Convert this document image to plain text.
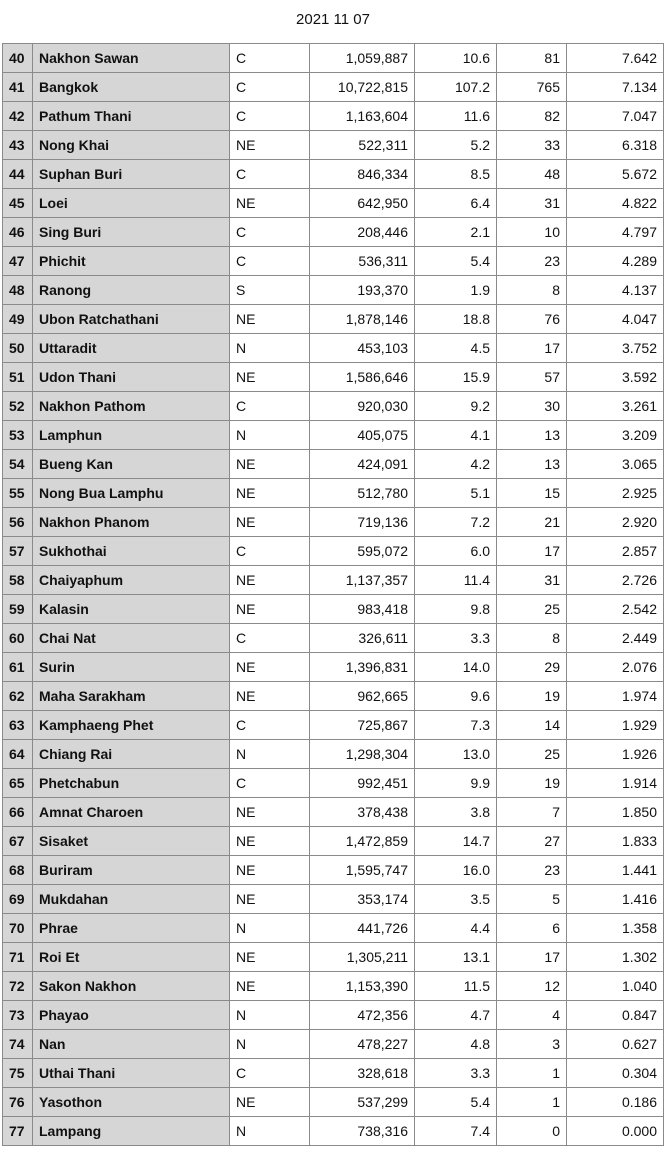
2021 11 07
40	Nakhon Sawan	C	1,059,887	10.6	81	7.642
41	Bangkok	C	10,722,815	107.2	765	7.134
42	Pathum Thani	C	1,163,604	11.6	82	7.047
43	Nong Khai	NE	522,311	5.2	33	6.318
44	Suphan Buri	C	846,334	8.5	48	5.672
45	Loei	NE	642,950	6.4	31	4.822
46	Sing Buri	C	208,446	2.1	10	4.797
47	Phichit	C	536,311	5.4	23	4.289
48	Ranong	S	193,370	1.9	8	4.137
49	Ubon Ratchathani	NE	1,878,146	18.8	76	4.047
50	Uttaradit	N	453,103	4.5	17	3.752
51	Udon Thani	NE	1,586,646	15.9	57	3.592
52	Nakhon Pathom	C	920,030	9.2	30	3.261
53	Lamphun	N	405,075	4.1	13	3.209
54	Bueng Kan	NE	424,091	4.2	13	3.065
55	Nong Bua Lamphu	NE	512,780	5.1	15	2.925
56	Nakhon Phanom	NE	719,136	7.2	21	2.920
57	Sukhothai	C	595,072	6.0	17	2.857
58	Chaiyaphum	NE	1,137,357	11.4	31	2.726
59	Kalasin	NE	983,418	9.8	25	2.542
60	Chai Nat	C	326,611	3.3	8	2.449
61	Surin	NE	1,396,831	14.0	29	2.076
62	Maha Sarakham	NE	962,665	9.6	19	1.974
63	Kamphaeng Phet	C	725,867	7.3	14	1.929
64	Chiang Rai	N	1,298,304	13.0	25	1.926
65	Phetchabun	C	992,451	9.9	19	1.914
66	Amnat Charoen	NE	378,438	3.8	7	1.850
67	Sisaket	NE	1,472,859	14.7	27	1.833
68	Buriram	NE	1,595,747	16.0	23	1.441
69	Mukdahan	NE	353,174	3.5	5	1.416
70	Phrae	N	441,726	4.4	6	1.358
71	Roi Et	NE	1,305,211	13.1	17	1.302
72	Sakon Nakhon	NE	1,153,390	11.5	12	1.040
73	Phayao	N	472,356	4.7	4	0.847
74	Nan	N	478,227	4.8	3	0.627
75	Uthai Thani	C	328,618	3.3	1	0.304
76	Yasothon	NE	537,299	5.4	1	0.186
77	Lampang	N	738,316	7.4	0	0.000
